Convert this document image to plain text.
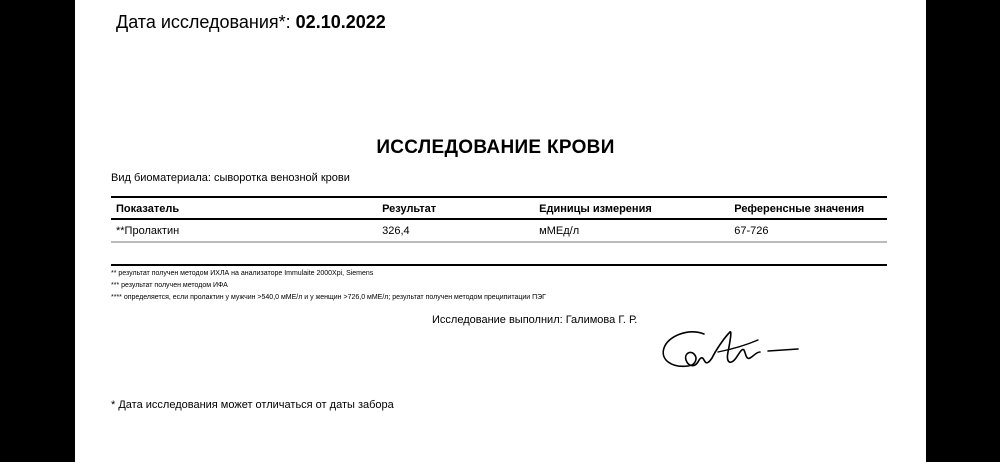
Дата исследования*: 02.10.2022
ИССЛЕДОВАНИЕ КРОВИ
Вид биоматериала: сыворотка венозной крови
Показатель	Результат	Единицы измерения	Референсные значения
**Пролактин	326,4	мМЕд/л	67-726
** результат получен методом ИХЛА на анализаторе Immulaite 2000Xpi, Siemens
*** результат получен методом ИФА
**** определяется, если пролактин у мужчин >540,0 мМЕ/л и у женщин >726,0 мМЕ/л; результат получен методом преципитации ПЭГ
Исследование выполнил: Галимова Г. Р.
* Дата исследования может отличаться от даты забора
